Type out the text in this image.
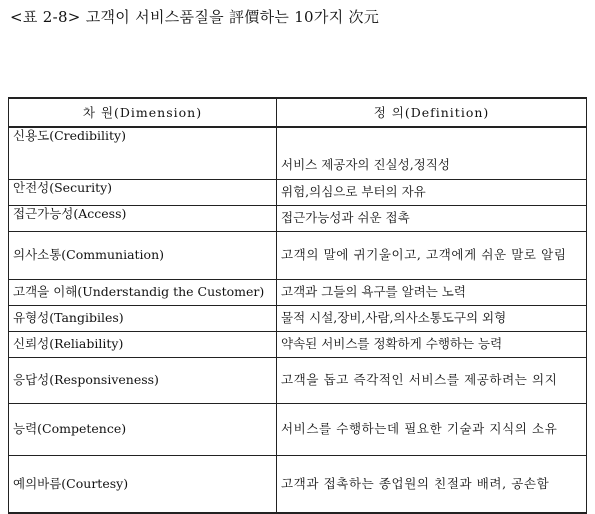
<표 2-8> 고객이 서비스품질을 評價하는 10가지 次元
차 원(Dimension)	정 의(Definition)
신용도(Credibility)	서비스 제공자의 진실성,정직성
안전성(Security)	위험,의심으로 부터의 자유
접근가능성(Access)	접근가능성과 쉬운 접촉
의사소통(Communiation)	고객의 말에 귀기울이고, 고객에게 쉬운 말로 알림
고객을 이해(Understandig the Customer)	고객과 그들의 욕구를 알려는 노력
유형성(Tangibiles)	물적 시설,장비,사람,의사소통도구의 외형
신뢰성(Reliability)	약속된 서비스를 정확하게 수행하는 능력
응답성(Responsiveness)	고객을 돕고 즉각적인 서비스를 제공하려는 의지
능력(Competence)	서비스를 수행하는데 필요한 기술과 지식의 소유
예의바름(Courtesy)	고객과 접촉하는 종업원의 친절과 배려, 공손함
